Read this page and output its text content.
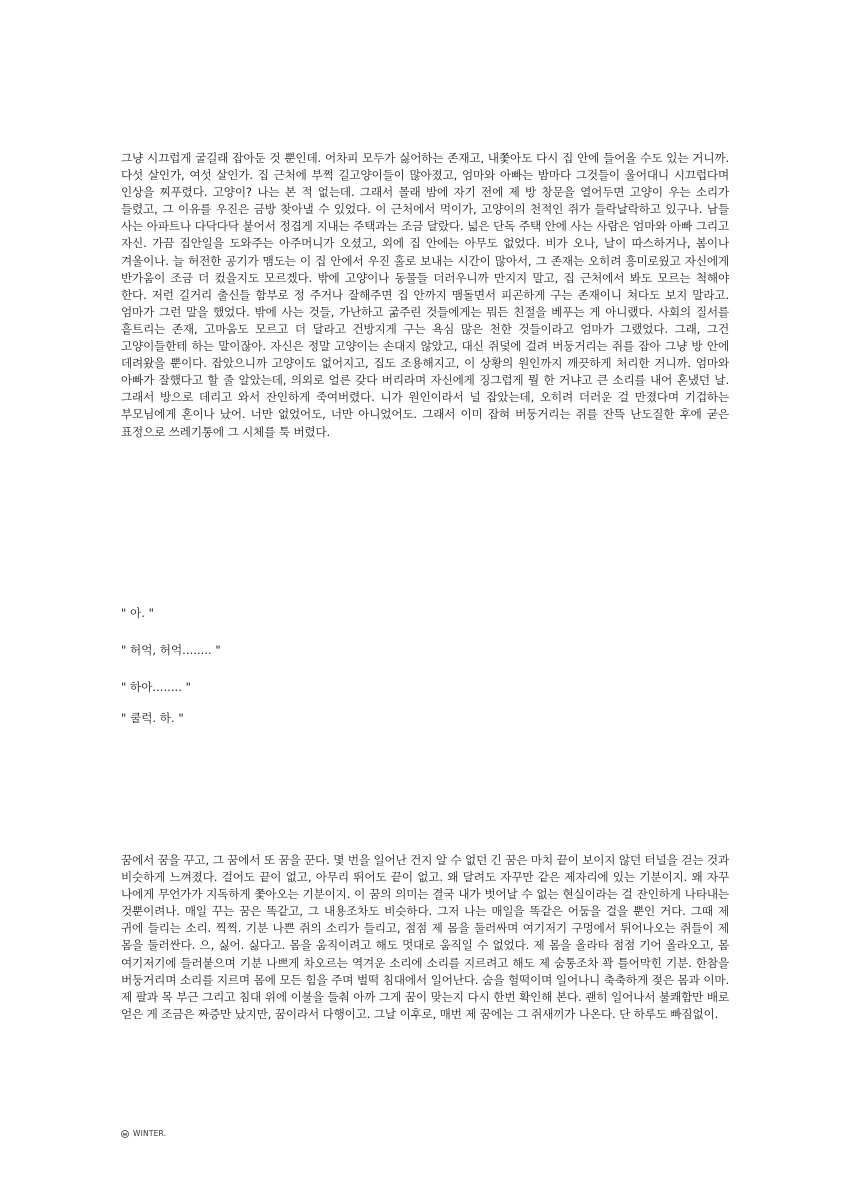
그냥 시끄럽게 굴길래 잡아둔 것 뿐인데. 어차피 모두가 싫어하는 존재고, 내쫓아도 다시 집 안에 들어올 수도 있는 거니까. 다섯 살인가, 여섯 살인가. 집 근처에 부쩍 길고양이들이 많아졌고, 엄마와 아빠는 밤마다 그것들이 울어대니 시끄럽다며 인상을 찌푸렸다. 고양이? 나는 본 적 없는데. 그래서 몰래 밤에 자기 전에 제 방 창문을 열어두면 고양이 우는 소리가 들렸고, 그 이유를 우진은 금방 찾아낼 수 있었다. 이 근처에서 먹이가, 고양이의 천적인 쥐가 들락날락하고 있구나. 남들 사는 아파트나 다닥다닥 붙어서 정겹게 지내는 주택과는 조금 달랐다. 넓은 단독 주택 안에 사는 사람은 엄마와 아빠 그리고 자신. 가끔 집안일을 도와주는 아주머니가 오셨고, 외에 집 안에는 아무도 없었다. 비가 오나, 날이 따스하거나, 봄이나 겨울이나. 늘 허전한 공기가 맴도는 이 집 안에서 우진 홀로 보내는 시간이 많아서, 그 존재는 오히려 흥미로웠고 자신에게 반가움이 조금 더 컸을지도 모르겠다. 밖에 고양이나 동물들 더러우니까 만지지 말고, 집 근처에서 봐도 모르는 척해야 한다. 저런 길거리 출신들 함부로 정 주거나 잘해주면 집 안까지 맴돌면서 피곤하게 구는 존재이니 쳐다도 보지 말라고. 엄마가 그런 말을 했었다. 밖에 사는 것들, 가난하고 굶주린 것들에게는 뭐든 친절을 베푸는 게 아니랬다. 사회의 질서를 흩트리는 존재, 고마움도 모르고 더 달라고 건방지게 구는 욕심 많은 천한 것들이라고 엄마가 그랬었다. 그래, 그건 고양이들한테 하는 말이잖아. 자신은 정말 고양이는 손대지 않았고, 대신 쥐덫에 걸려 버둥거리는 쥐를 잡아 그냥 방 안에 데려왔을 뿐이다. 잡았으니까 고양이도 없어지고, 집도 조용해지고, 이 상황의 원인까지 깨끗하게 처리한 거니까. 엄마와 아빠가 잘했다고 할 줄 알았는데, 의외로 얼른 갖다 버리라며 자신에게 징그럽게 뭘 한 거냐고 큰 소리를 내어 혼냈던 날. 그래서 방으로 데리고 와서 잔인하게 죽여버렸다. 니가 원인이라서 널 잡았는데, 오히려 더러운 걸 만졌다며 기겁하는 부모님에게 혼이나 났어. 너만 없었어도, 너만 아니었어도. 그래서 이미 잡혀 버둥거리는 쥐를 잔뜩 난도질한 후에 굳은 표정으로 쓰레기통에 그 시체를 툭 버렸다.

" 아. "

" 허억, 허억........ "

" 하아........ "

" 쿨럭. 하. "

꿈에서 꿈을 꾸고, 그 꿈에서 또 꿈을 꾼다. 몇 번을 일어난 건지 알 수 없던 긴 꿈은 마치 끝이 보이지 않던 터널을 걷는 것과 비슷하게 느껴졌다. 걸어도 끝이 없고, 아무리 뛰어도 끝이 없고. 왜 달려도 자꾸만 같은 제자리에 있는 기분이지. 왜 자꾸 나에게 무언가가 지독하게 쫓아오는 기분이지. 이 꿈의 의미는 결국 내가 벗어날 수 없는 현실이라는 걸 잔인하게 나타내는 것뿐이려나. 매일 꾸는 꿈은 똑같고, 그 내용조차도 비슷하다. 그저 나는 매일을 똑같은 어둠을 걸을 뿐인 거다. 그때 제 귀에 들리는 소리. 찍찍. 기분 나쁜 쥐의 소리가 들리고, 점점 제 몸을 둘러싸며 여기저기 구멍에서 튀어나오는 쥐들이 제 몸을 둘러싼다. 으, 싫어. 싫다고. 몸을 움직이려고 해도 멋대로 움직일 수 없었다. 제 몸을 올라타 점점 기어 올라오고, 몸 여기저기에 들러붙으며 기분 나쁘게 차오르는 역겨운 소리에 소리를 지르려고 해도 제 숨통조차 꽉 틀어막힌 기분. 한참을 버둥거리며 소리를 지르며 몸에 모든 힘을 주며 벌떡 침대에서 일어난다. 숨을 헐떡이며 일어나니 축축하게 젖은 몸과 이마. 제 팔과 목 부근 그리고 침대 위에 이불을 들춰 아까 그게 꿈이 맞는지 다시 한번 확인해 본다. 괜히 일어나서 불쾌함만 배로 얻은 게 조금은 짜증만 났지만, 꿈이라서 다행이고. 그날 이후로, 매번 제 꿈에는 그 쥐새끼가 나온다. 단 하루도 빠짐없이.

WINTER.
